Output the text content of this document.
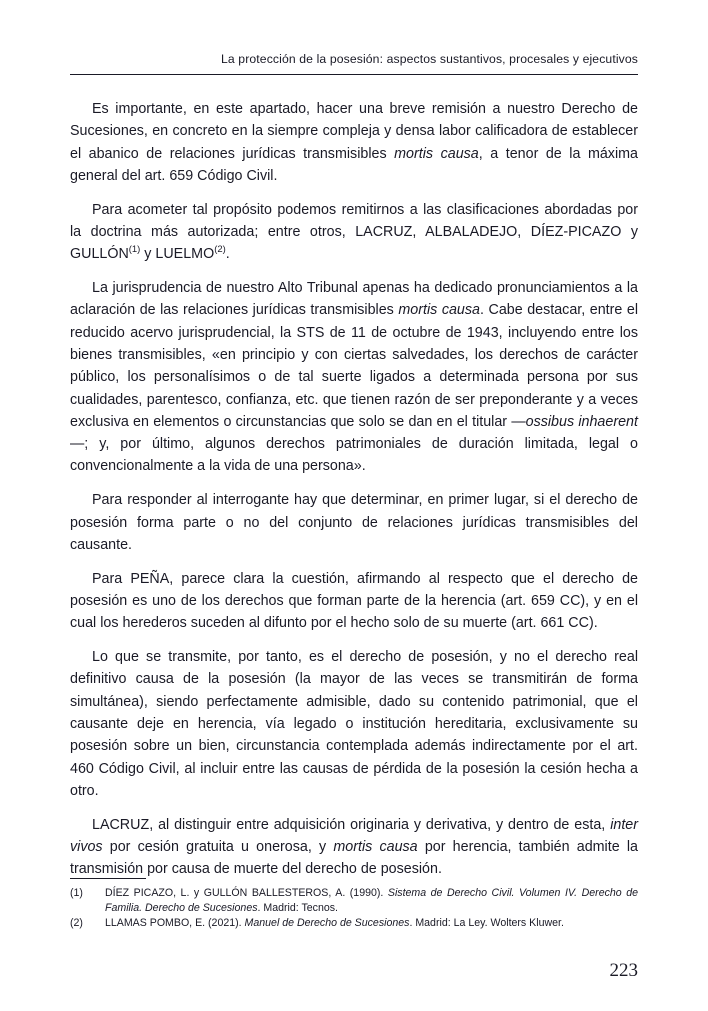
La protección de la posesión: aspectos sustantivos, procesales y ejecutivos

Es importante, en este apartado, hacer una breve remisión a nuestro Derecho de Sucesiones, en concreto en la siempre compleja y densa labor calificadora de establecer el abanico de relaciones jurídicas transmisibles mortis causa, a tenor de la máxima general del art. 659 Código Civil.

Para acometer tal propósito podemos remitirnos a las clasificaciones abordadas por la doctrina más autorizada; entre otros, LACRUZ, ALBALADEJO, DÍEZ-PICAZO y GULLÓN$^{(1)}$ y LUELMO$^{(2)}$.

La jurisprudencia de nuestro Alto Tribunal apenas ha dedicado pronunciamientos a la aclaración de las relaciones jurídicas transmisibles mortis causa. Cabe destacar, entre el reducido acervo jurisprudencial, la STS de 11 de octubre de 1943, incluyendo entre los bienes transmisibles, «en principio y con ciertas salvedades, los derechos de carácter público, los personalísimos o de tal suerte ligados a determinada persona por sus cualidades, parentesco, confianza, etc. que tienen razón de ser preponderante y a veces exclusiva en elementos o circunstancias que solo se dan en el titular —ossibus inhaerent—; y, por último, algunos derechos patrimoniales de duración limitada, legal o convencionalmente a la vida de una persona».

Para responder al interrogante hay que determinar, en primer lugar, si el derecho de posesión forma parte o no del conjunto de relaciones jurídicas transmisibles del causante.

Para PEÑA, parece clara la cuestión, afirmando al respecto que el derecho de posesión es uno de los derechos que forman parte de la herencia (art. 659 CC), y en el cual los herederos suceden al difunto por el hecho solo de su muerte (art. 661 CC).

Lo que se transmite, por tanto, es el derecho de posesión, y no el derecho real definitivo causa de la posesión (la mayor de las veces se transmitirán de forma simultánea), siendo perfectamente admisible, dado su contenido patrimonial, que el causante deje en herencia, vía legado o institución hereditaria, exclusivamente su posesión sobre un bien, circunstancia contemplada además indirectamente por el art. 460 Código Civil, al incluir entre las causas de pérdida de la posesión la cesión hecha a otro.

LACRUZ, al distinguir entre adquisición originaria y derivativa, y dentro de esta, inter vivos por cesión gratuita u onerosa, y mortis causa por herencia, también admite la transmisión por causa de muerte del derecho de posesión.

(1)	DÍEZ PICAZO, L. y GULLÓN BALLESTEROS, A. (1990). Sistema de Derecho Civil. Volumen IV. Derecho de Familia. Derecho de Sucesiones. Madrid: Tecnos.
(2)	LLAMAS POMBO, E. (2021). Manuel de Derecho de Sucesiones. Madrid: La Ley. Wolters Kluwer.
223
